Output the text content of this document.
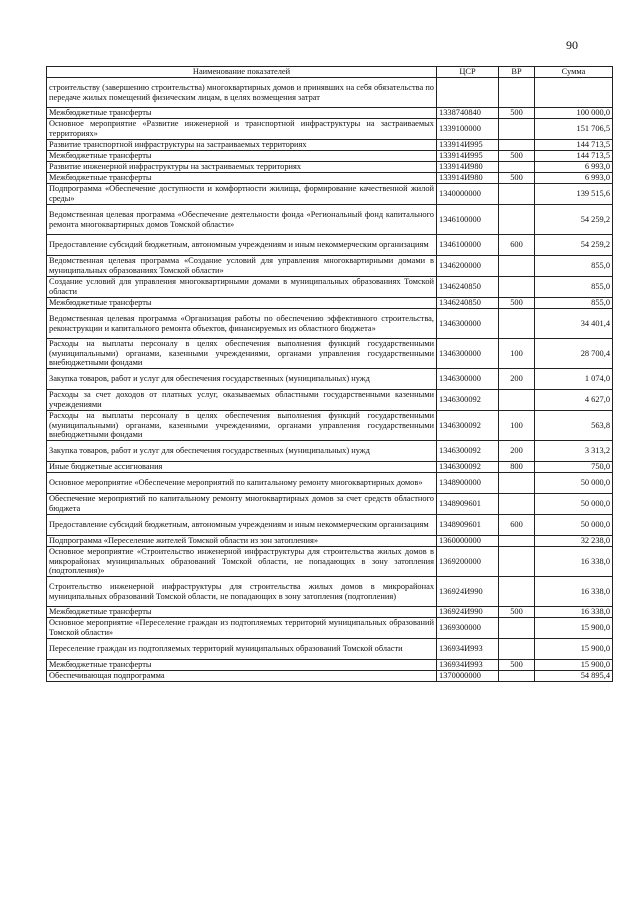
90
Наименование показателей	ЦСР	ВР	Сумма
строительству (завершению строительства) многоквартирных домов и принявших на себя обязательства по передаче жилых помещений физическим лицам, в целях возмещения затрат			
Межбюджетные трансферты	1338740840	500	100 000,0
Основное мероприятие «Развитие инженерной и транспортной инфраструктуры на застраиваемых территориях»	1339100000		151 706,5
Развитие транспортной инфраструктуры на застраиваемых территориях	133914И995		144 713,5
Межбюджетные трансферты	133914И995	500	144 713,5
Развитие инженерной инфраструктуры на застраиваемых территориях	133914И980		6 993,0
Межбюджетные трансферты	133914И980	500	6 993,0
Подпрограмма «Обеспечение доступности и комфортности жилища, формирование качественной жилой среды»	1340000000		139 515,6
Ведомственная целевая программа «Обеспечение деятельности фонда «Региональный фонд капитального ремонта многоквартирных домов Томской области»	1346100000		54 259,2
Предоставление субсидий бюджетным, автономным учреждениям и иным некоммерческим организациям	1346100000	600	54 259,2
Ведомственная целевая программа «Создание условий для управления многоквартирными домами в муниципальных образованиях Томской области»	1346200000		855,0
Создание условий для управления многоквартирными домами в муниципальных образованиях Томской области	1346240850		855,0
Межбюджетные трансферты	1346240850	500	855,0
Ведомственная целевая программа «Организация работы по обеспечению эффективного строительства, реконструкции и капитального ремонта объектов, финансируемых из областного бюджета»	1346300000		34 401,4
Расходы на выплаты персоналу в целях обеспечения выполнения функций государственными (муниципальными) органами, казенными учреждениями, органами управления государственными внебюджетными фондами	1346300000	100	28 700,4
Закупка товаров, работ и услуг для обеспечения государственных (муниципальных) нужд	1346300000	200	1 074,0
Расходы за счет доходов от платных услуг, оказываемых областными государственными казенными учреждениями	1346300092		4 627,0
Расходы на выплаты персоналу в целях обеспечения выполнения функций государственными (муниципальными) органами, казенными учреждениями, органами управления государственными внебюджетными фондами	1346300092	100	563,8
Закупка товаров, работ и услуг для обеспечения государственных (муниципальных) нужд	1346300092	200	3 313,2
Иные бюджетные ассигнования	1346300092	800	750,0
Основное мероприятие «Обеспечение мероприятий по капитальному ремонту многоквартирных домов»	1348900000		50 000,0
Обеспечение мероприятий по капитальному ремонту многоквартирных домов за счет средств областного бюджета	1348909601		50 000,0
Предоставление субсидий бюджетным, автономным учреждениям и иным некоммерческим организациям	1348909601	600	50 000,0
Подпрограмма «Переселение жителей Томской области из зон затопления»	1360000000		32 238,0
Основное мероприятие «Строительство инженерной инфраструктуры для строительства жилых домов в микрорайонах муниципальных образований Томской области, не попадающих в зону затопления (подтопления)»	1369200000		16 338,0
Строительство инженерной инфраструктуры для строительства жилых домов в микрорайонах муниципальных образований Томской области, не попадающих в зону затопления (подтопления)	136924И990		16 338,0
Межбюджетные трансферты	136924И990	500	16 338,0
Основное мероприятие «Переселение граждан из подтопляемых территорий муниципальных образований Томской области»	1369300000		15 900,0
Переселение граждан из подтопляемых территорий муниципальных образований Томской области	136934И993		15 900,0
Межбюджетные трансферты	136934И993	500	15 900,0
Обеспечивающая подпрограмма	1370000000		54 895,4
